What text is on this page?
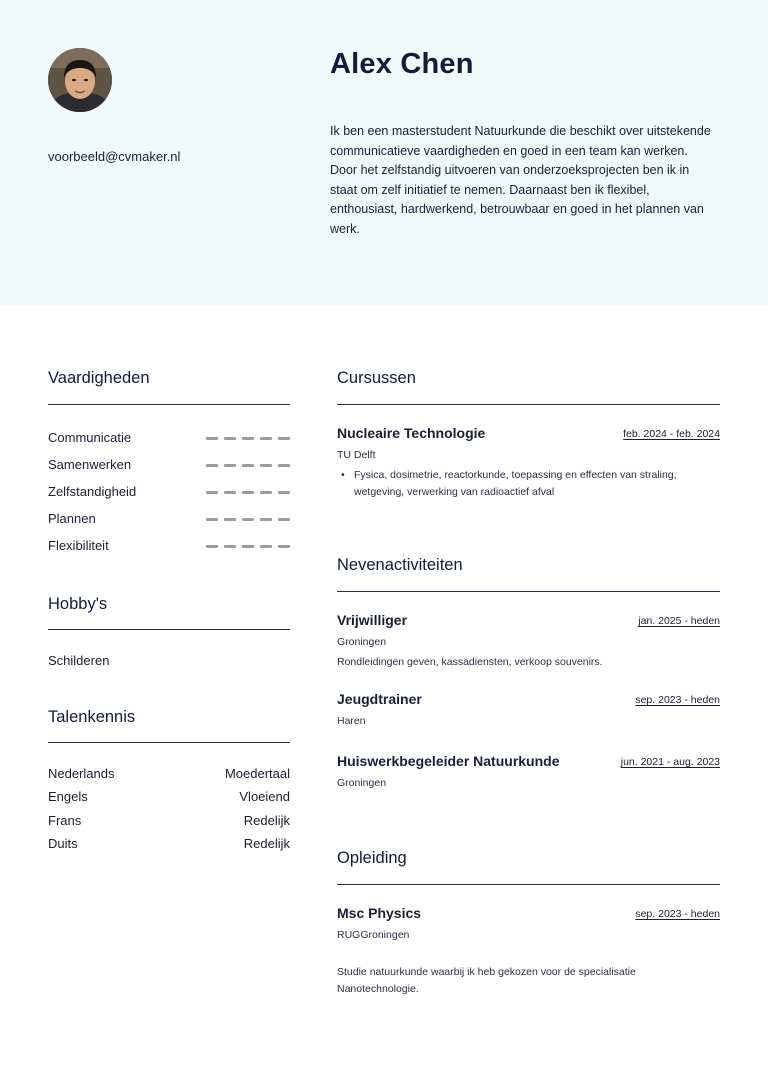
voorbeeld@cvmaker.nl
Alex Chen
Ik ben een masterstudent Natuurkunde die beschikt over uitstekende communicatieve vaardigheden en goed in een team kan werken. Door het zelfstandig uitvoeren van onderzoeksprojecten ben ik in staat om zelf initiatief te nemen. Daarnaast ben ik flexibel, enthousiast, hardwerkend, betrouwbaar en goed in het plannen van werk.
Vaardigheden
Communicatie
Samenwerken
Zelfstandigheid
Plannen
Flexibiliteit
Hobby's
Schilderen
Talenkennis
Nederlands	Moedertaal
Engels	Vloeiend
Frans	Redelijk
Duits	Redelijk
Cursussen
Nucleaire Technologie	feb. 2024 - feb. 2024
TU Delft
• Fysica, dosimetrie, reactorkunde, toepassing en effecten van straling, wetgeving, verwerking van radioactief afval
Nevenactiviteiten
Vrijwilliger	jan. 2025 - heden
Groningen
Rondleidingen geven, kassadiensten, verkoop souvenirs.
Jeugdtrainer	sep. 2023 - heden
Haren
Huiswerkbegeleider Natuurkunde	jun. 2021 - aug. 2023
Groningen
Opleiding
Msc Physics	sep. 2023 - heden
RUGGroningen
Studie natuurkunde waarbij ik heb gekozen voor de specialisatie Nanotechnologie.
